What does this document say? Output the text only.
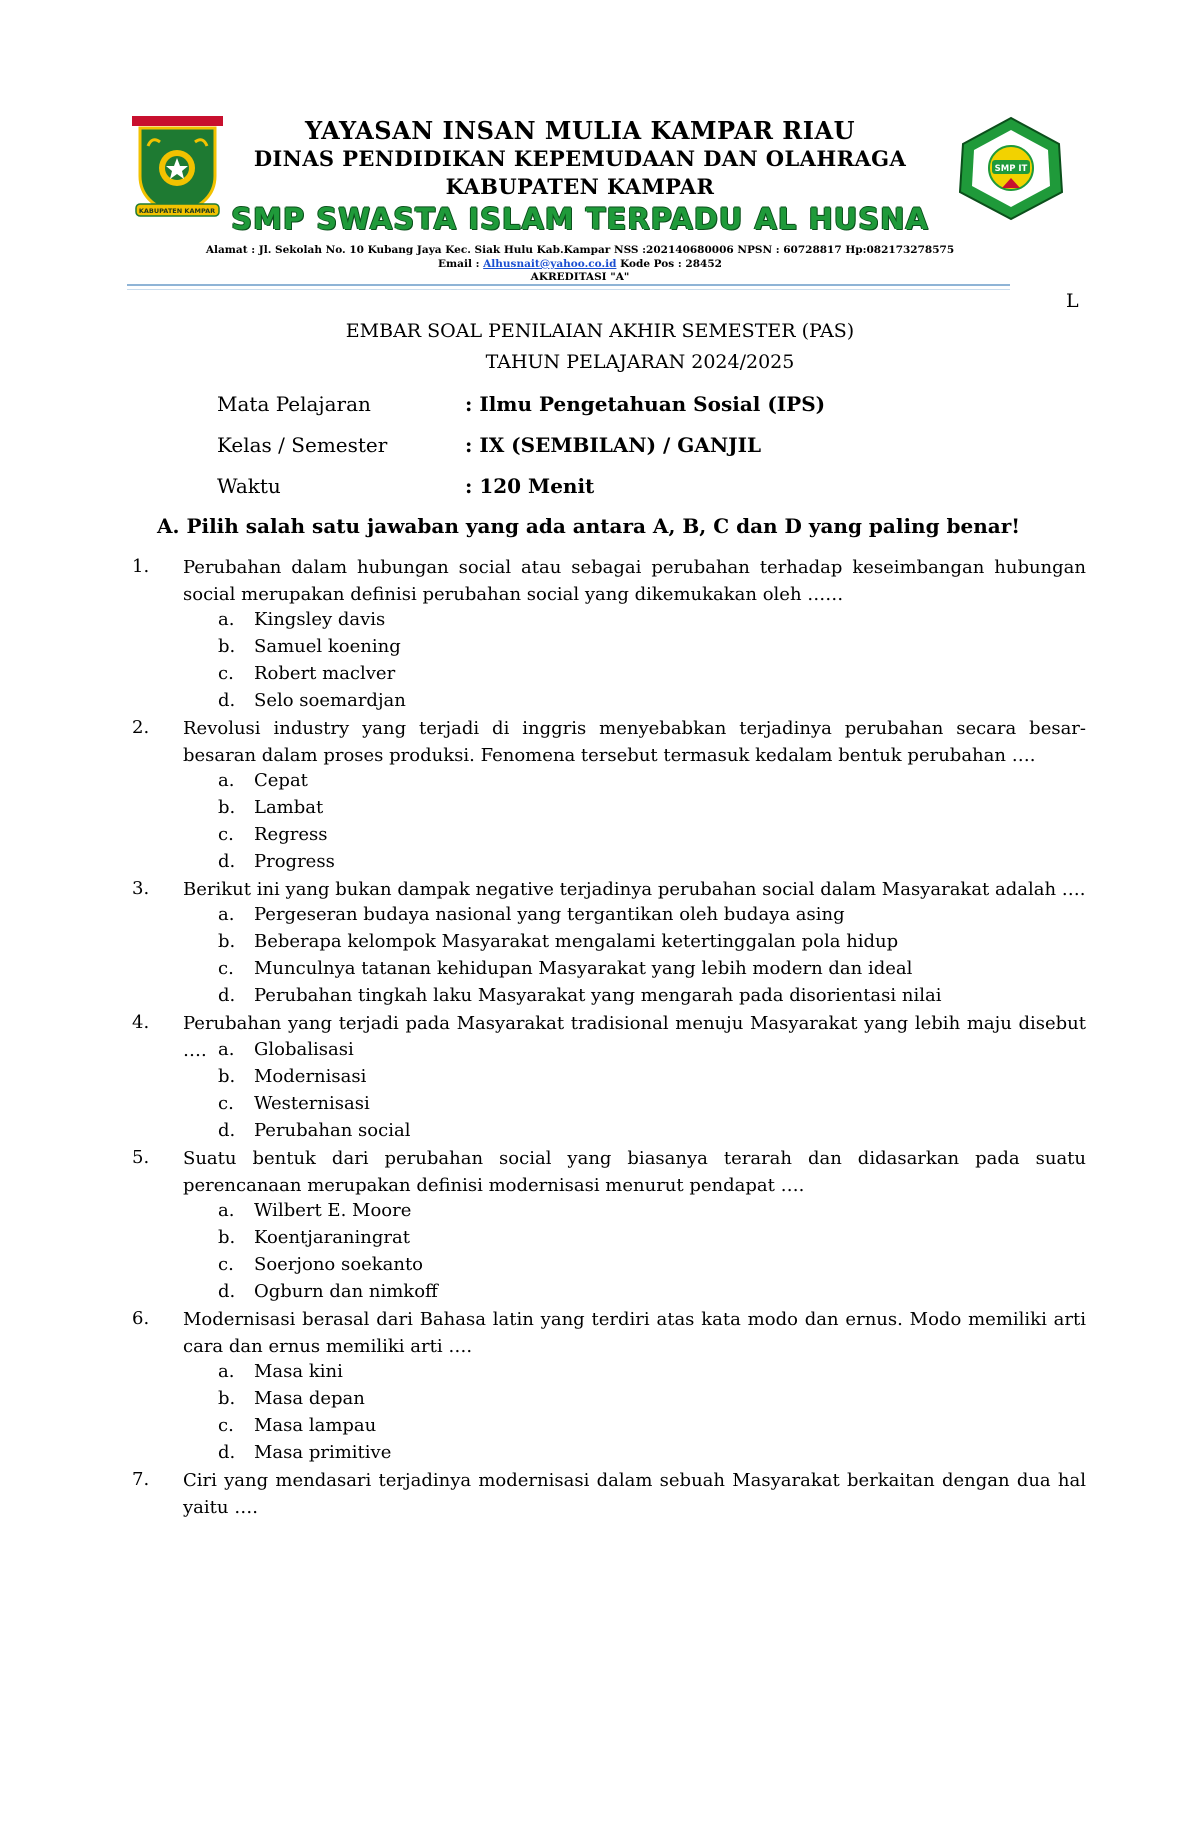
KABUPATEN KAMPAR
SMP IT
YAYASAN INSAN MULIA KAMPAR RIAU
DINAS PENDIDIKAN KEPEMUDAAN DAN OLAHRAGA
KABUPATEN KAMPAR
SMP SWASTA ISLAM TERPADU AL HUSNA
Alamat : Jl. Sekolah No. 10 Kubang Jaya Kec. Siak Hulu Kab.Kampar NSS :202140680006 NPSN : 60728817 Hp:082173278575
Email : Alhusnait@yahoo.co.id Kode Pos : 28452
AKREDITASI "A"
L
EMBAR SOAL PENILAIAN AKHIR SEMESTER (PAS)
TAHUN PELAJARAN 2024/2025
Mata Pelajaran	: Ilmu Pengetahuan Sosial (IPS)
Kelas / Semester	: IX (SEMBILAN) / GANJIL
Waktu	: 120 Menit
A. Pilih salah satu jawaban yang ada antara A, B, C dan D yang paling benar!
1. Perubahan dalam hubungan social atau sebagai perubahan terhadap keseimbangan hubungan social merupakan definisi perubahan social yang dikemukakan oleh ……
a. Kingsley davis
b. Samuel koening
c. Robert maclver
d. Selo soemardjan
2. Revolusi industry yang terjadi di inggris menyebabkan terjadinya perubahan secara besar-besaran dalam proses produksi. Fenomena tersebut termasuk kedalam bentuk perubahan ….
a. Cepat
b. Lambat
c. Regress
d. Progress
3. Berikut ini yang bukan dampak negative terjadinya perubahan social dalam Masyarakat adalah ….
a. Pergeseran budaya nasional yang tergantikan oleh budaya asing
b. Beberapa kelompok Masyarakat mengalami ketertinggalan pola hidup
c. Munculnya tatanan kehidupan Masyarakat yang lebih modern dan ideal
d. Perubahan tingkah laku Masyarakat yang mengarah pada disorientasi nilai
4. Perubahan yang terjadi pada Masyarakat tradisional menuju Masyarakat yang lebih maju disebut …. a. Globalisasi
b. Modernisasi
c. Westernisasi
d. Perubahan social
5. Suatu bentuk dari perubahan social yang biasanya terarah dan didasarkan pada suatu perencanaan merupakan definisi modernisasi menurut pendapat ….
a. Wilbert E. Moore
b. Koentjaraningrat
c. Soerjono soekanto
d. Ogburn dan nimkoff
6. Modernisasi berasal dari Bahasa latin yang terdiri atas kata modo dan ernus. Modo memiliki arti cara dan ernus memiliki arti ….
a. Masa kini
b. Masa depan
c. Masa lampau
d. Masa primitive
7. Ciri yang mendasari terjadinya modernisasi dalam sebuah Masyarakat berkaitan dengan dua hal yaitu ….
